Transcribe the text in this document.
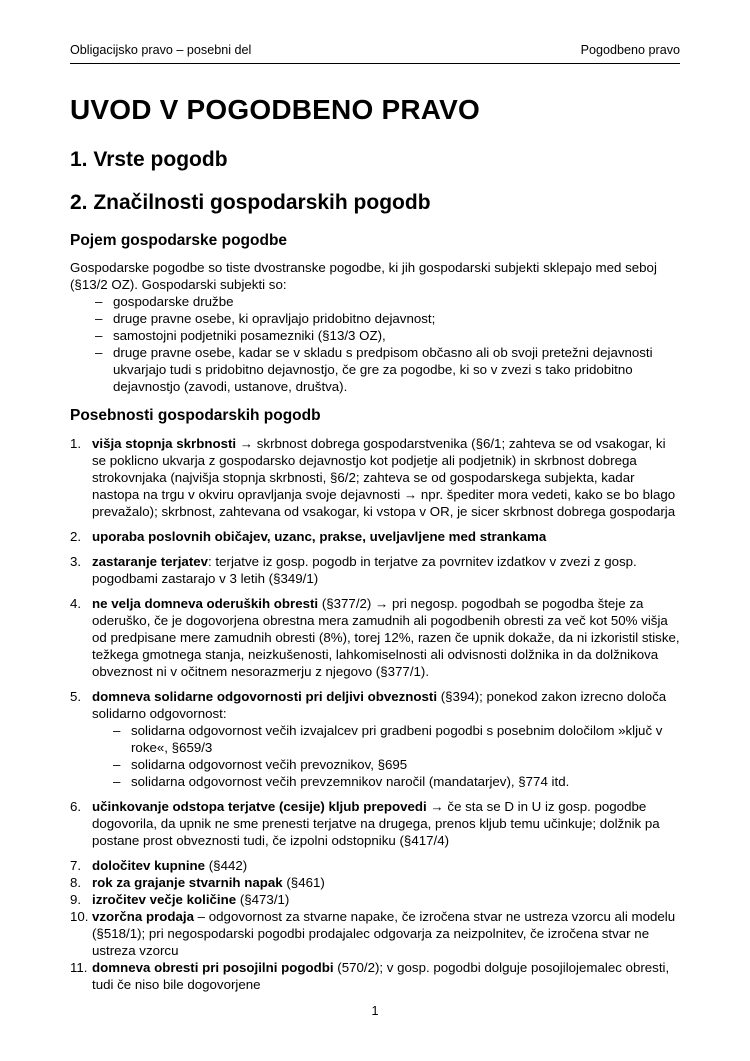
Obligacijsko pravo – posebni del	Pogodbeno pravo
UVOD V POGODBENO PRAVO
1. Vrste pogodb
2. Značilnosti gospodarskih pogodb
Pojem gospodarske pogodbe

Gospodarske pogodbe so tiste dvostranske pogodbe, ki jih gospodarski subjekti sklepajo med seboj (§13/2 OZ). Gospodarski subjekti so:

– gospodarske družbe
– druge pravne osebe, ki opravljajo pridobitno dejavnost;
– samostojni podjetniki posamezniki (§13/3 OZ),
– druge pravne osebe, kadar se v skladu s predpisom občasno ali ob svoji pretežni dejavnosti ukvarjajo tudi s pridobitno dejavnostjo, če gre za pogodbe, ki so v zvezi s tako pridobitno dejavnostjo (zavodi, ustanove, društva).
Posebnosti gospodarskih pogodb
1. višja stopnja skrbnosti → skrbnost dobrega gospodarstvenika (§6/1; zahteva se od vsakogar, ki se poklicno ukvarja z gospodarsko dejavnostjo kot podjetje ali podjetnik) in skrbnost dobrega strokovnjaka (najvišja stopnja skrbnosti, §6/2; zahteva se od gospodarskega subjekta, kadar nastopa na trgu v okviru opravljanja svoje dejavnosti → npr. špediter mora vedeti, kako se bo blago prevažalo); skrbnost, zahtevana od vsakogar, ki vstopa v OR, je sicer skrbnost dobrega gospodarja
2. uporaba poslovnih običajev, uzanc, prakse, uveljavljene med strankama
3. zastaranje terjatev: terjatve iz gosp. pogodb in terjatve za povrnitev izdatkov v zvezi z gosp. pogodbami zastarajo v 3 letih (§349/1)
4. ne velja domneva oderuških obresti (§377/2) → pri negosp. pogodbah se pogodba šteje za oderuško, če je dogovorjena obrestna mera zamudnih ali pogodbenih obresti za več kot 50% višja od predpisane mere zamudnih obresti (8%), torej 12%, razen če upnik dokaže, da ni izkoristil stiske, težkega gmotnega stanja, neizkušenosti, lahkomiselnosti ali odvisnosti dolžnika in da dolžnikova obveznost ni v očitnem nesorazmerju z njegovo (§377/1).
5. domneva solidarne odgovornosti pri deljivi obveznosti (§394); ponekod zakon izrecno določa solidarno odgovornost:
– solidarna odgovornost večih izvajalcev pri gradbeni pogodbi s posebnim določilom »ključ v roke«, §659/3
– solidarna odgovornost večih prevoznikov, §695
– solidarna odgovornost večih prevzemnikov naročil (mandatarjev), §774 itd.
6. učinkovanje odstopa terjatve (cesije) kljub prepovedi → če sta se D in U iz gosp. pogodbe dogovorila, da upnik ne sme prenesti terjatve na drugega, prenos kljub temu učinkuje; dolžnik pa postane prost obveznosti tudi, če izpolni odstopniku (§417/4)
7. določitev kupnine (§442)
8. rok za grajanje stvarnih napak (§461)
9. izročitev večje količine (§473/1)
10. vzorčna prodaja – odgovornost za stvarne napake, če izročena stvar ne ustreza vzorcu ali modelu (§518/1); pri negospodarski pogodbi prodajalec odgovarja za neizpolnitev, če izročena stvar ne ustreza vzorcu
11. domneva obresti pri posojilni pogodbi (570/2); v gosp. pogodbi dolguje posojilojemalec obresti, tudi če niso bile dogovorjene
1
